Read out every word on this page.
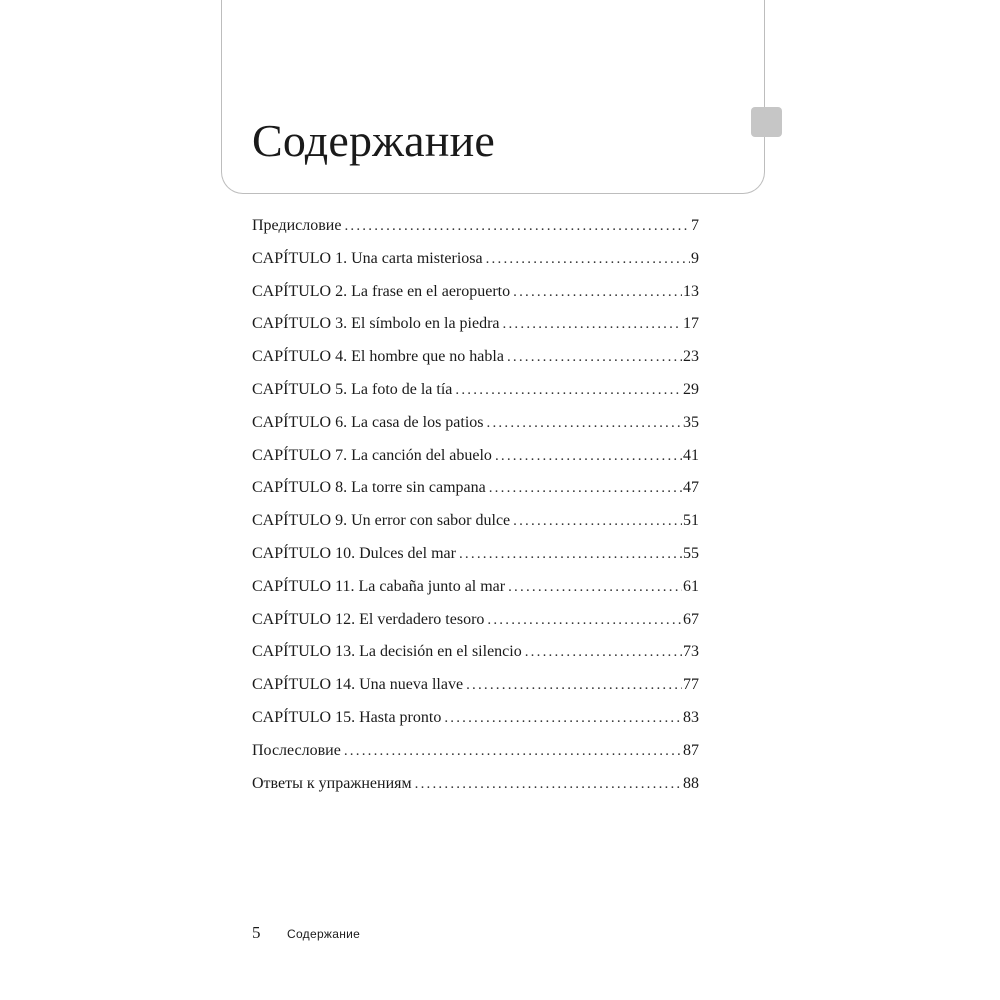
Содержание
Предисловие .....	7
CAPÍTULO 1. Una carta misteriosa .....	9
CAPÍTULO 2. La frase en el aeropuerto .....	13
CAPÍTULO 3. El símbolo en la piedra .....	17
CAPÍTULO 4. El hombre que no habla .....	23
CAPÍTULO 5. La foto de la tía .....	29
CAPÍTULO 6. La casa de los patios .....	35
CAPÍTULO 7. La canción del abuelo .....	41
CAPÍTULO 8. La torre sin campana .....	47
CAPÍTULO 9. Un error con sabor dulce .....	51
CAPÍTULO 10. Dulces del mar .....	55
CAPÍTULO 11. La cabaña junto al mar .....	61
CAPÍTULO 12. El verdadero tesoro .....	67
CAPÍTULO 13. La decisión en el silencio .....	73
CAPÍTULO 14. Una nueva llave .....	77
CAPÍTULO 15. Hasta pronto .....	83
Послесловие .....	87
Ответы к упражнениям .....	88
5 Содержание
